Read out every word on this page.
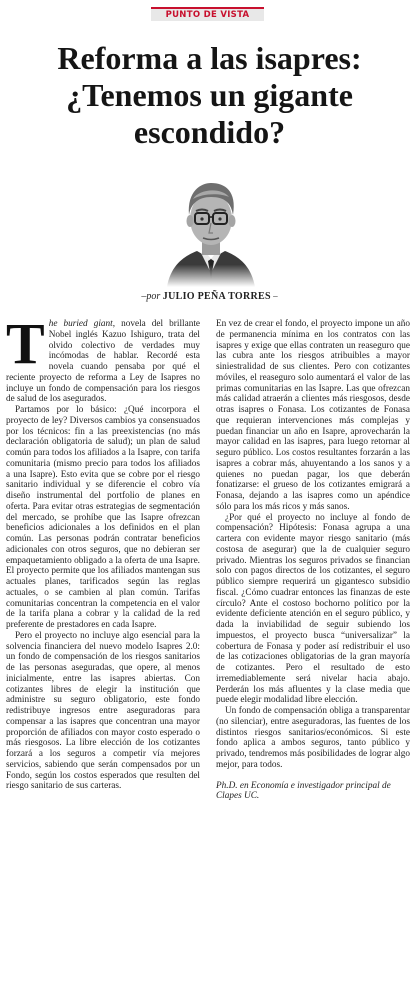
PUNTO DE VISTA
Reforma a las isapres: ¿Tenemos un gigante escondido?
–por JULIO PEÑA TORRES –

The buried giant, novela del brillante Nobel inglés Kazuo Ishiguro, trata del olvido colectivo de verdades muy incómodas de hablar. Recordé esta novela cuando pensaba por qué el reciente proyecto de reforma a Ley de Isapres no incluye un fondo de compensación para los riesgos de salud de los asegurados.

Partamos por lo básico: ¿Qué incorpora el proyecto de ley? Diversos cambios ya consensuados por los técnicos: fin a las preexistencias (no más declaración obligatoria de salud); un plan de salud común para todos los afiliados a la Isapre, con tarifa comunitaria (mismo precio para todos los afiliados a una Isapre). Esto evita que se cobre por el riesgo sanitario individual y se diferencie el cobro vía diseño instrumental del portfolio de planes en oferta. Para evitar otras estrategias de segmentación del mercado, se prohíbe que las Isapre ofrezcan beneficios adicionales a los definidos en el plan común. Las personas podrán contratar beneficios adicionales con otros seguros, que no debieran ser empaquetamiento obligado a la oferta de una Isapre. El proyecto permite que los afiliados mantengan sus actuales planes, tarificados según las reglas actuales, o se cambien al plan común. Tarifas comunitarias concentran la competencia en el valor de la tarifa plana a cobrar y la calidad de la red preferente de prestadores en cada Isapre.

Pero el proyecto no incluye algo esencial para la solvencia financiera del nuevo modelo Isapres 2.0: un fondo de compensación de los riesgos sanitarios de las personas aseguradas, que opere, al menos inicialmente, entre las isapres abiertas. Con cotizantes libres de elegir la institución que administre su seguro obligatorio, este fondo redistribuye ingresos entre aseguradoras para compensar a las isapres que concentran una mayor proporción de afiliados con mayor costo esperado o más riesgosos. La libre elección de los cotizantes forzará a los seguros a competir vía mejores servicios, sabiendo que serán compensados por un Fondo, según los costos esperados que resulten del riesgo sanitario de sus carteras.

En vez de crear el fondo, el proyecto impone un año de permanencia mínima en los contratos con las isapres y exige que ellas contraten un reaseguro que las cubra ante los riesgos atribuibles a mayor siniestralidad de sus clientes. Pero con cotizantes móviles, el reaseguro solo aumentará el valor de las primas comunitarias en las Isapre. Las que ofrezcan más calidad atraerán a clientes más riesgosos, desde otras isapres o Fonasa. Los cotizantes de Fonasa que requieran intervenciones más complejas y puedan financiar un año en Isapre, aprovecharán la mayor calidad en las isapres, para luego retornar al seguro público. Los costos resultantes forzarán a las isapres a cobrar más, ahuyentando a los sanos y a quienes no puedan pagar, los que deberán fonatizarse: el grueso de los cotizantes emigrará a Fonasa, dejando a las isapres como un apéndice sólo para los más ricos y más sanos.

¿Por qué el proyecto no incluye al fondo de compensación? Hipótesis: Fonasa agrupa a una cartera con evidente mayor riesgo sanitario (más costosa de asegurar) que la de cualquier seguro privado. Mientras los seguros privados se financian solo con pagos directos de los cotizantes, el seguro público siempre requerirá un gigantesco subsidio fiscal. ¿Cómo cuadrar entonces las finanzas de este círculo? Ante el costoso bochorno político por la evidente deficiente atención en el seguro público, y dada la inviabilidad de seguir subiendo los impuestos, el proyecto busca “universalizar” la cobertura de Fonasa y poder así redistribuir el uso de las cotizaciones obligatorias de la gran mayoría de cotizantes. Pero el resultado de esto irremediablemente será nivelar hacia abajo. Perderán los más afluentes y la clase media que puede elegir modalidad libre elección.

Un fondo de compensación obliga a transparentar (no silenciar), entre aseguradoras, las fuentes de los distintos riesgos sanitarios/económicos. Si este fondo aplica a ambos seguros, tanto público y privado, tendremos más posibilidades de lograr algo mejor, para todos.

Ph.D. en Economía e investigador principal de Clapes UC.
